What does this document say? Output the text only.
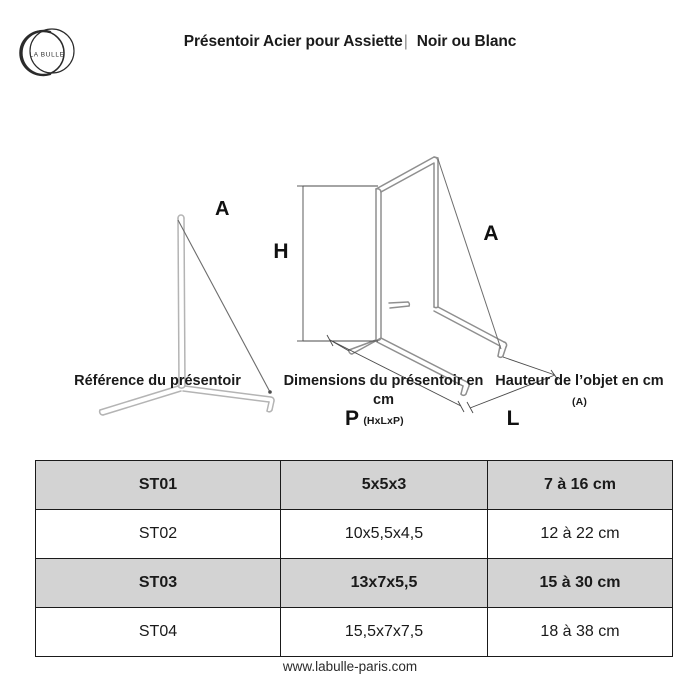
LA BULLE
Présentoir Acier pour Assiette| Noir ou Blanc
A
H
A
P	L
Référence du présentoir	Dimensions du présentoir en cm
(HxLxP)
Hauteur de l’objet en cm
(A)
ST01	5x5x3	7 à 16 cm
ST02	10x5,5x4,5	12 à 22 cm
ST03	13x7x5,5	15 à 30 cm
ST04	15,5x7x7,5	18 à 38 cm
www.labulle-paris.com
